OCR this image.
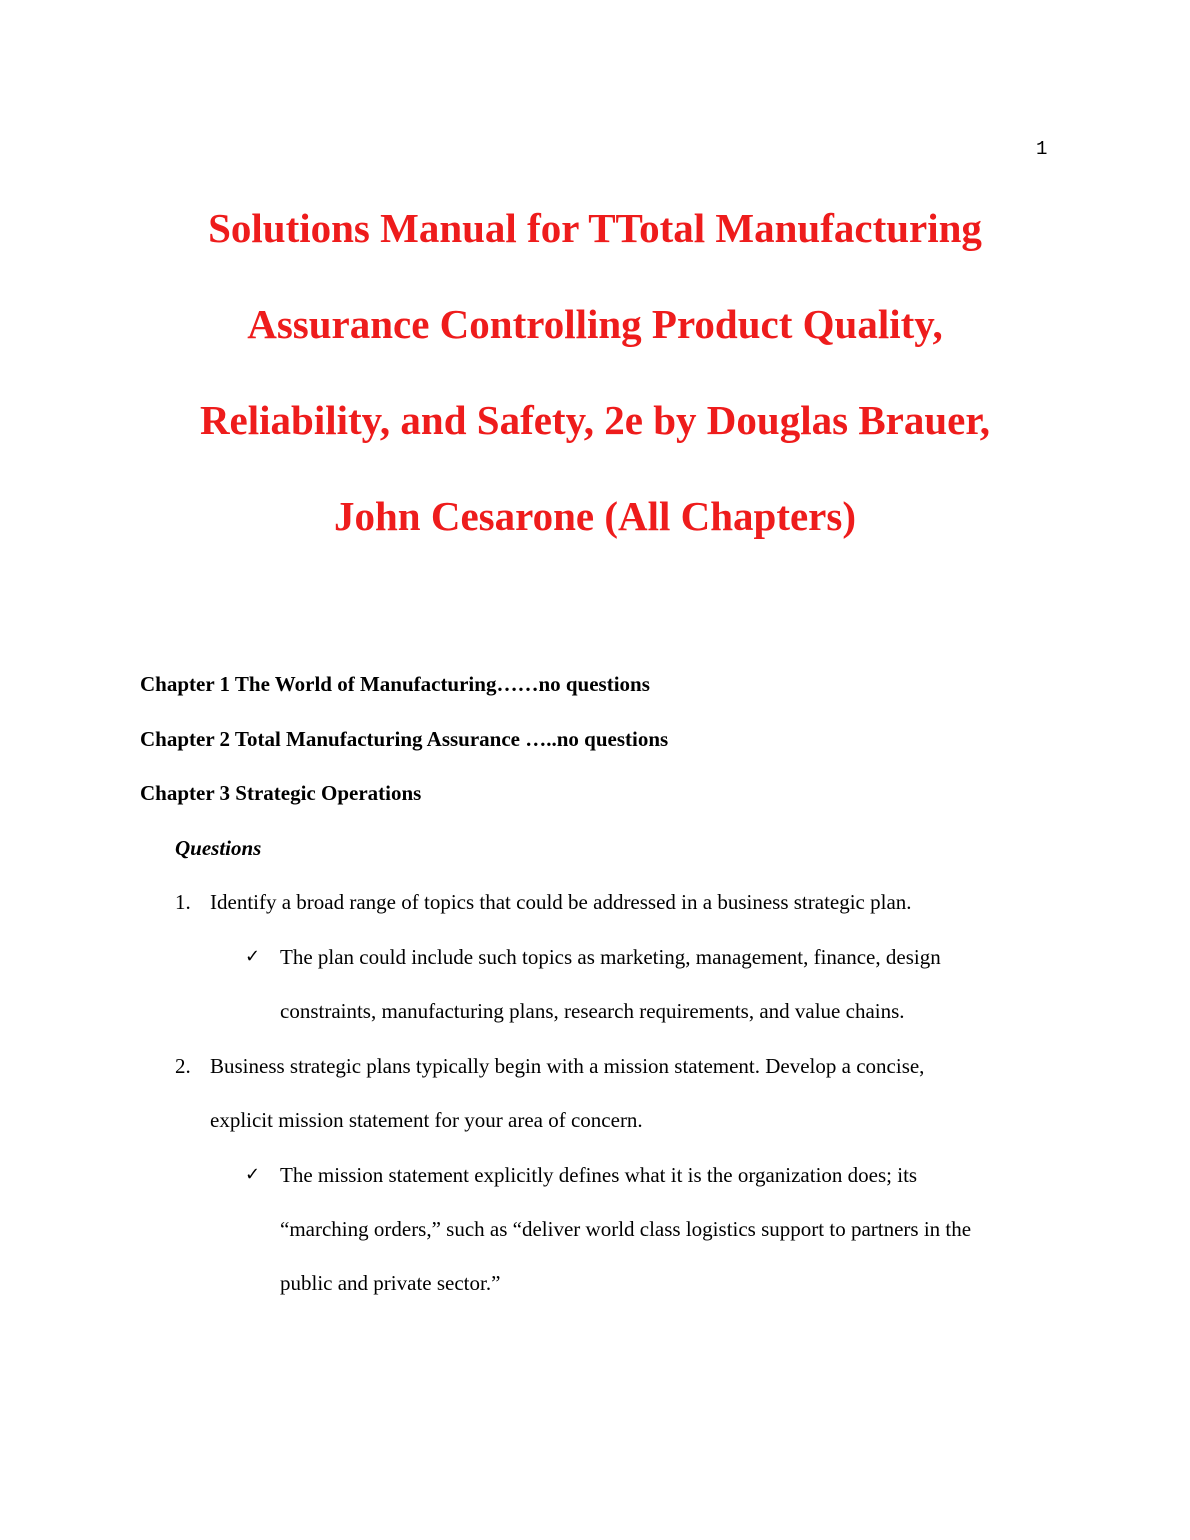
1
Solutions Manual for TTotal Manufacturing
Assurance Controlling Product Quality,
Reliability, and Safety, 2e by Douglas Brauer,
John Cesarone (All Chapters)
Chapter 1 The World of Manufacturing……no questions
Chapter 2 Total Manufacturing Assurance …..no questions
Chapter 3 Strategic Operations
Questions
1. Identify a broad range of topics that could be addressed in a business strategic plan.
✓ The plan could include such topics as marketing, management, finance, design
constraints, manufacturing plans, research requirements, and value chains.
2. Business strategic plans typically begin with a mission statement. Develop a concise,
explicit mission statement for your area of concern.
✓ The mission statement explicitly defines what it is the organization does; its
“marching orders,” such as “deliver world class logistics support to partners in the
public and private sector.”
